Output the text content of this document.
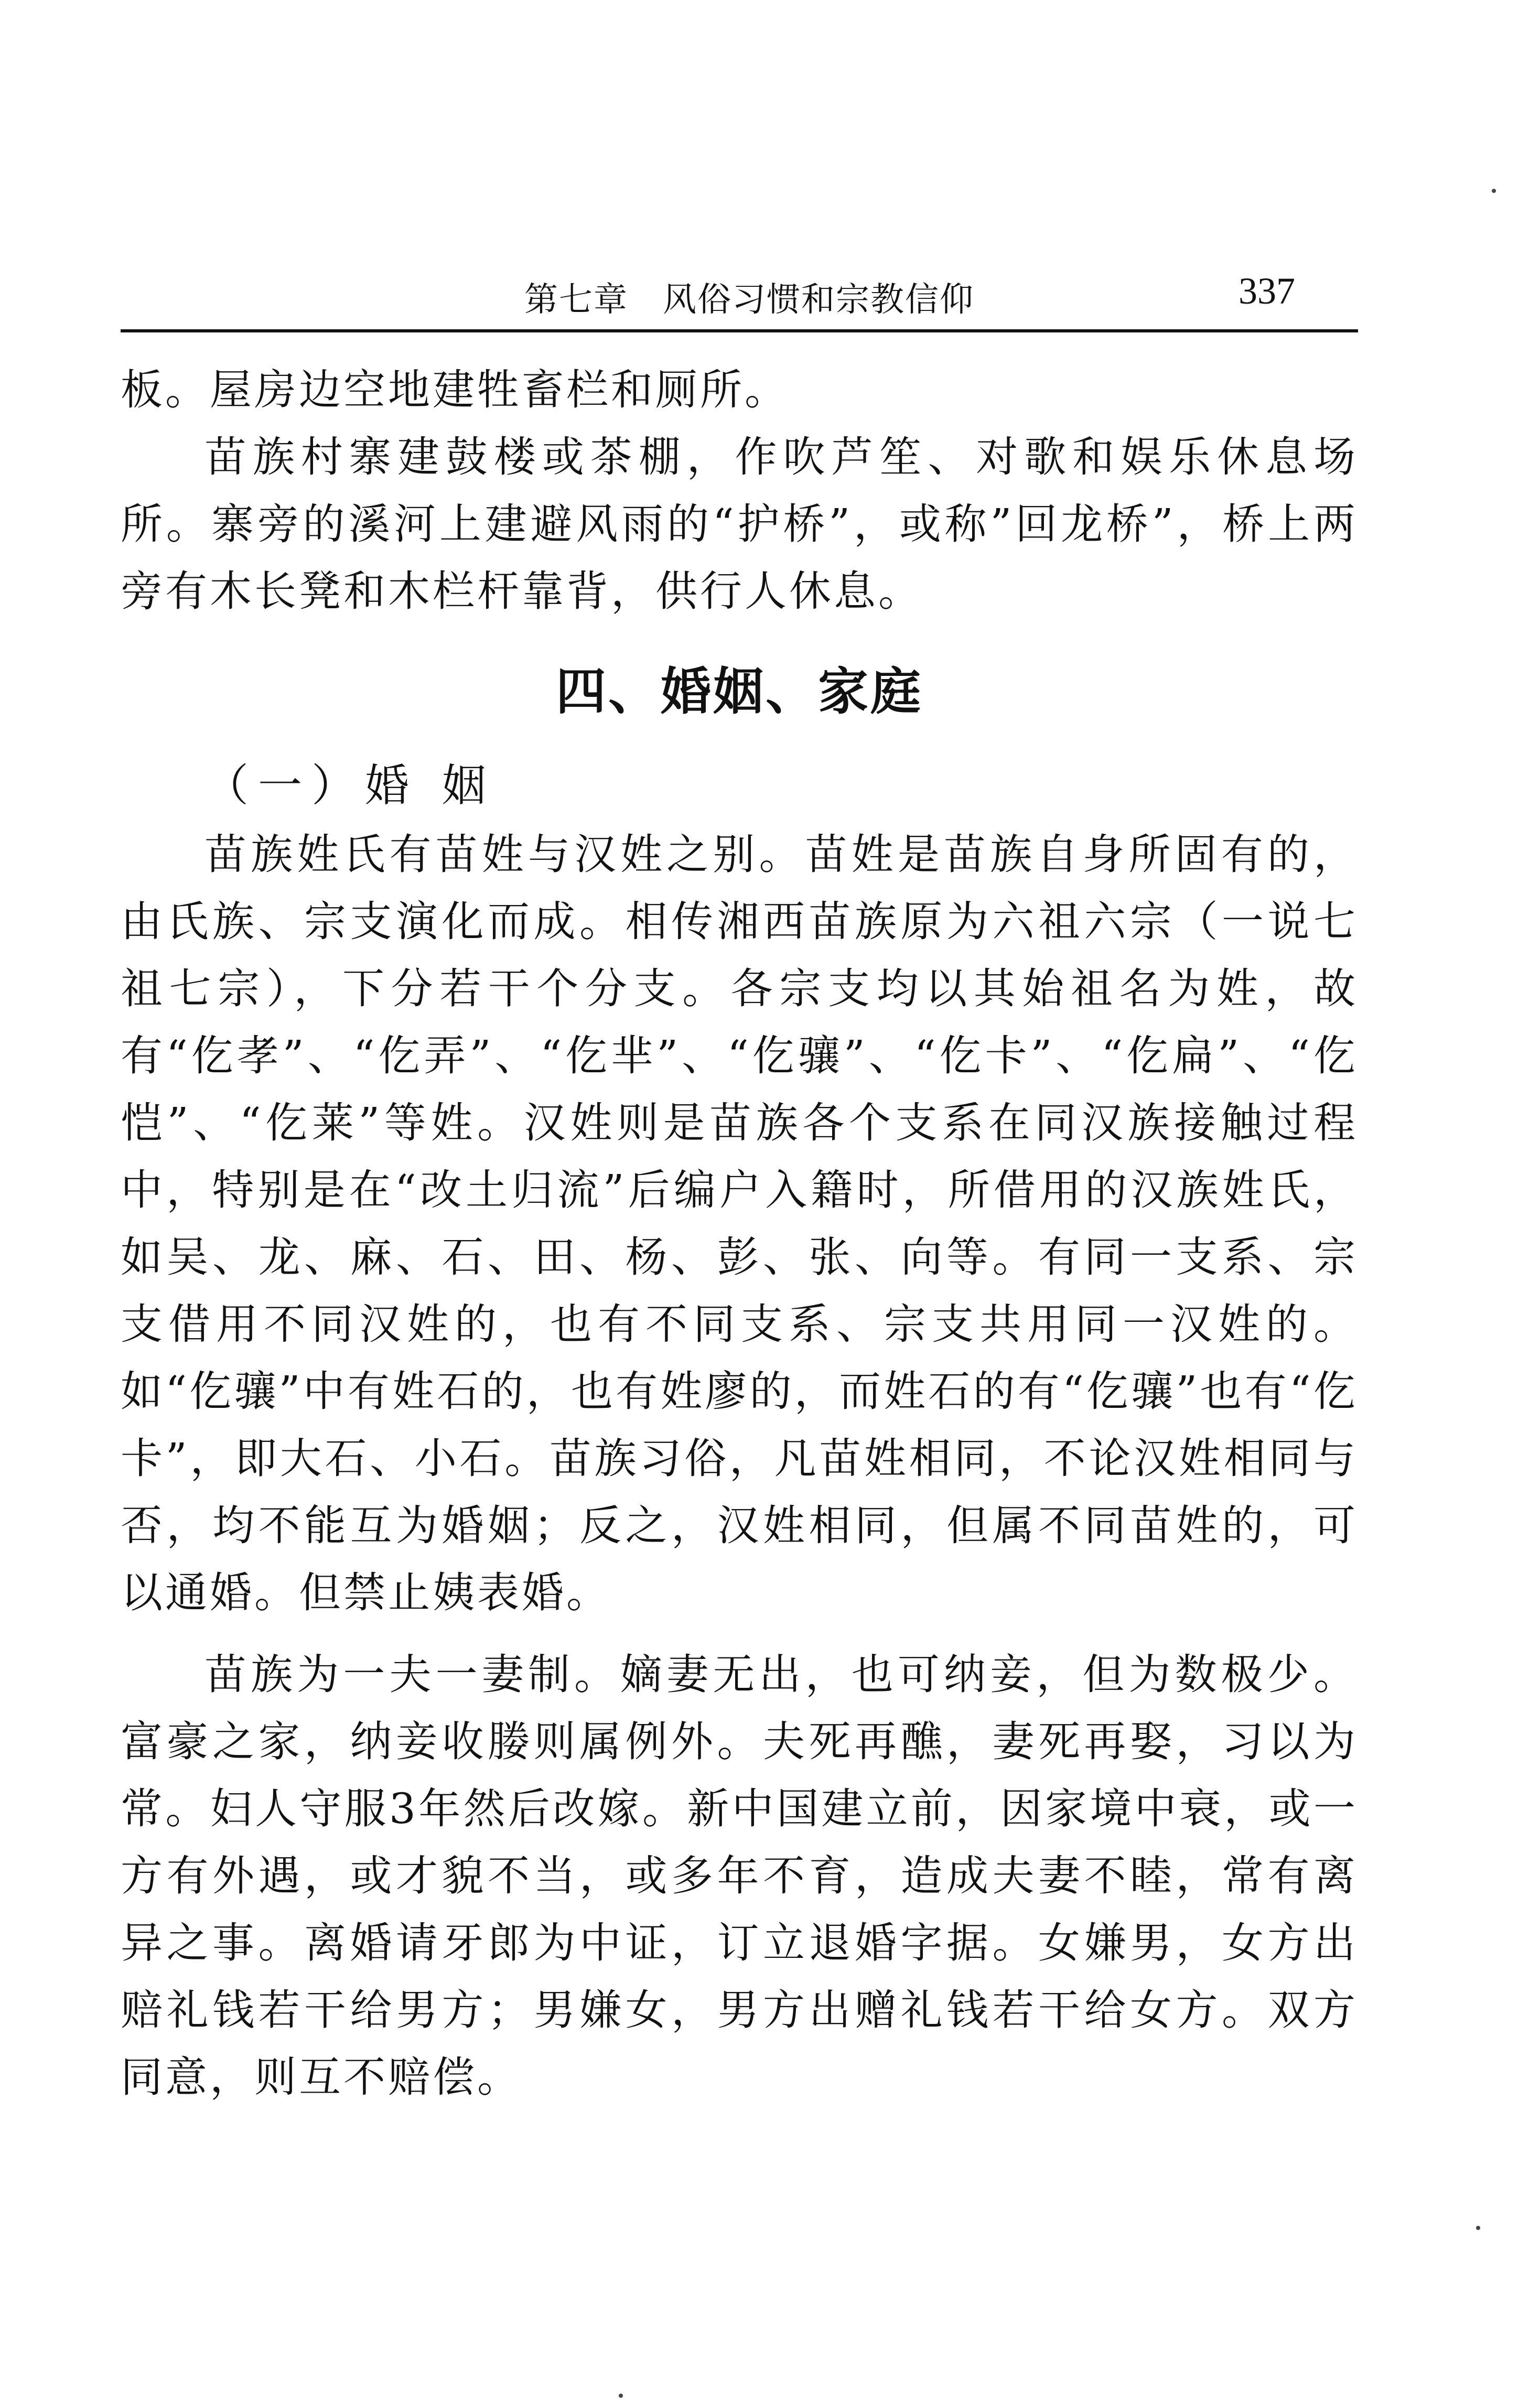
第七章　风俗习惯和宗教信仰	337

板。屋房边空地建牲畜栏和厕所。

苗族村寨建鼓楼或茶棚，作吹芦笙、对歌和娱乐休息场所。寨旁的溪河上建避风雨的“护桥”，或称”回龙桥”，桥上两旁有木长凳和木栏杆靠背，供行人休息。

四、婚姻、家庭
（一）婚 姻

苗族姓氏有苗姓与汉姓之别。苗姓是苗族自身所固有的，由氏族、宗支演化而成。相传湘西苗族原为六祖六宗（一说七祖七宗），下分若干个分支。各宗支均以其始祖名为姓，故有“仡孝”、“仡弄”、“仡芈”、“仡骧”、“仡卡”、“仡扁”、“仡恺”、“仡莱”等姓。汉姓则是苗族各个支系在同汉族接触过程中，特别是在“改土归流”后编户入籍时，所借用的汉族姓氏，如吴、龙、麻、石、田、杨、彭、张、向等。有同一支系、宗支借用不同汉姓的，也有不同支系、宗支共用同一汉姓的。如“仡骧”中有姓石的，也有姓廖的，而姓石的有“仡骧”也有“仡卡”，即大石、小石。苗族习俗，凡苗姓相同，不论汉姓相同与否，均不能互为婚姻；反之，汉姓相同，但属不同苗姓的，可以通婚。但禁止姨表婚。

苗族为一夫一妻制。嫡妻无出，也可纳妾，但为数极少。富豪之家，纳妾收媵则属例外。夫死再醮，妻死再娶，习以为常。妇人守服3年然后改嫁。新中国建立前，因家境中衰，或一方有外遇，或才貌不当，或多年不育，造成夫妻不睦，常有离异之事。离婚请牙郎为中证，订立退婚字据。女嫌男，女方出赔礼钱若干给男方；男嫌女，男方出赠礼钱若干给女方。双方同意，则互不赔偿。
